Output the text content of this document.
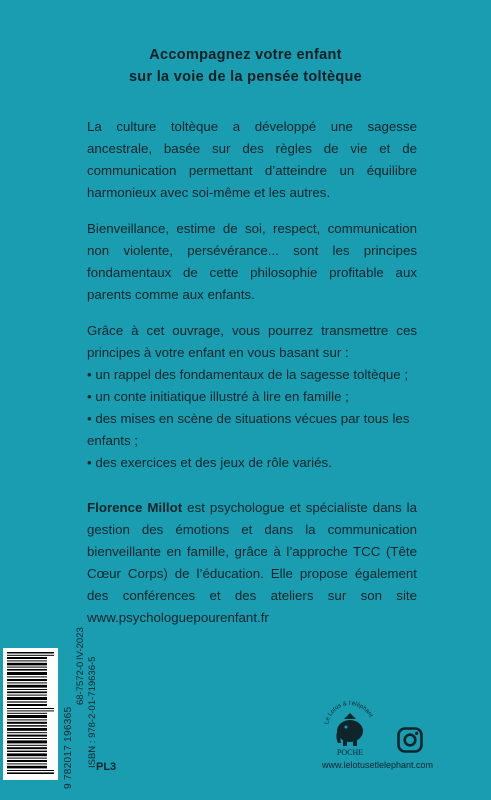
Accompagnez votre enfant
sur la voie de la pensée toltèque
La culture toltèque a développé une sagesse ancestrale, basée sur des règles de vie et de communication permettant d’atteindre un équilibre harmonieux avec soi-même et les autres.
Bienveillance, estime de soi, respect, communication non violente, persévérance... sont les principes fondamentaux de cette philosophie profitable aux parents comme aux enfants.
Grâce à cet ouvrage, vous pourrez transmettre ces principes à votre enfant en vous basant sur :
• un rappel des fondamentaux de la sagesse toltèque ;
• un conte initiatique illustré à lire en famille ;
• des mises en scène de situations vécues par tous les enfants ;
• des exercices et des jeux de rôle variés.
Florence Millot est psychologue et spécialiste dans la gestion des émotions et dans la communication bienveillante en famille, grâce à l’approche TCC (Tête Cœur Corps) de l’éducation. Elle propose également des conférences et des ateliers sur son site www.psychologuepourenfant.fr
9 782017 196365
68-7572-0
IV-2023
ISBN : 978-2-01-719636-5
PL3
Le Lotus & l’éléphant
POCHE
www.lelotusetlelephant.com
